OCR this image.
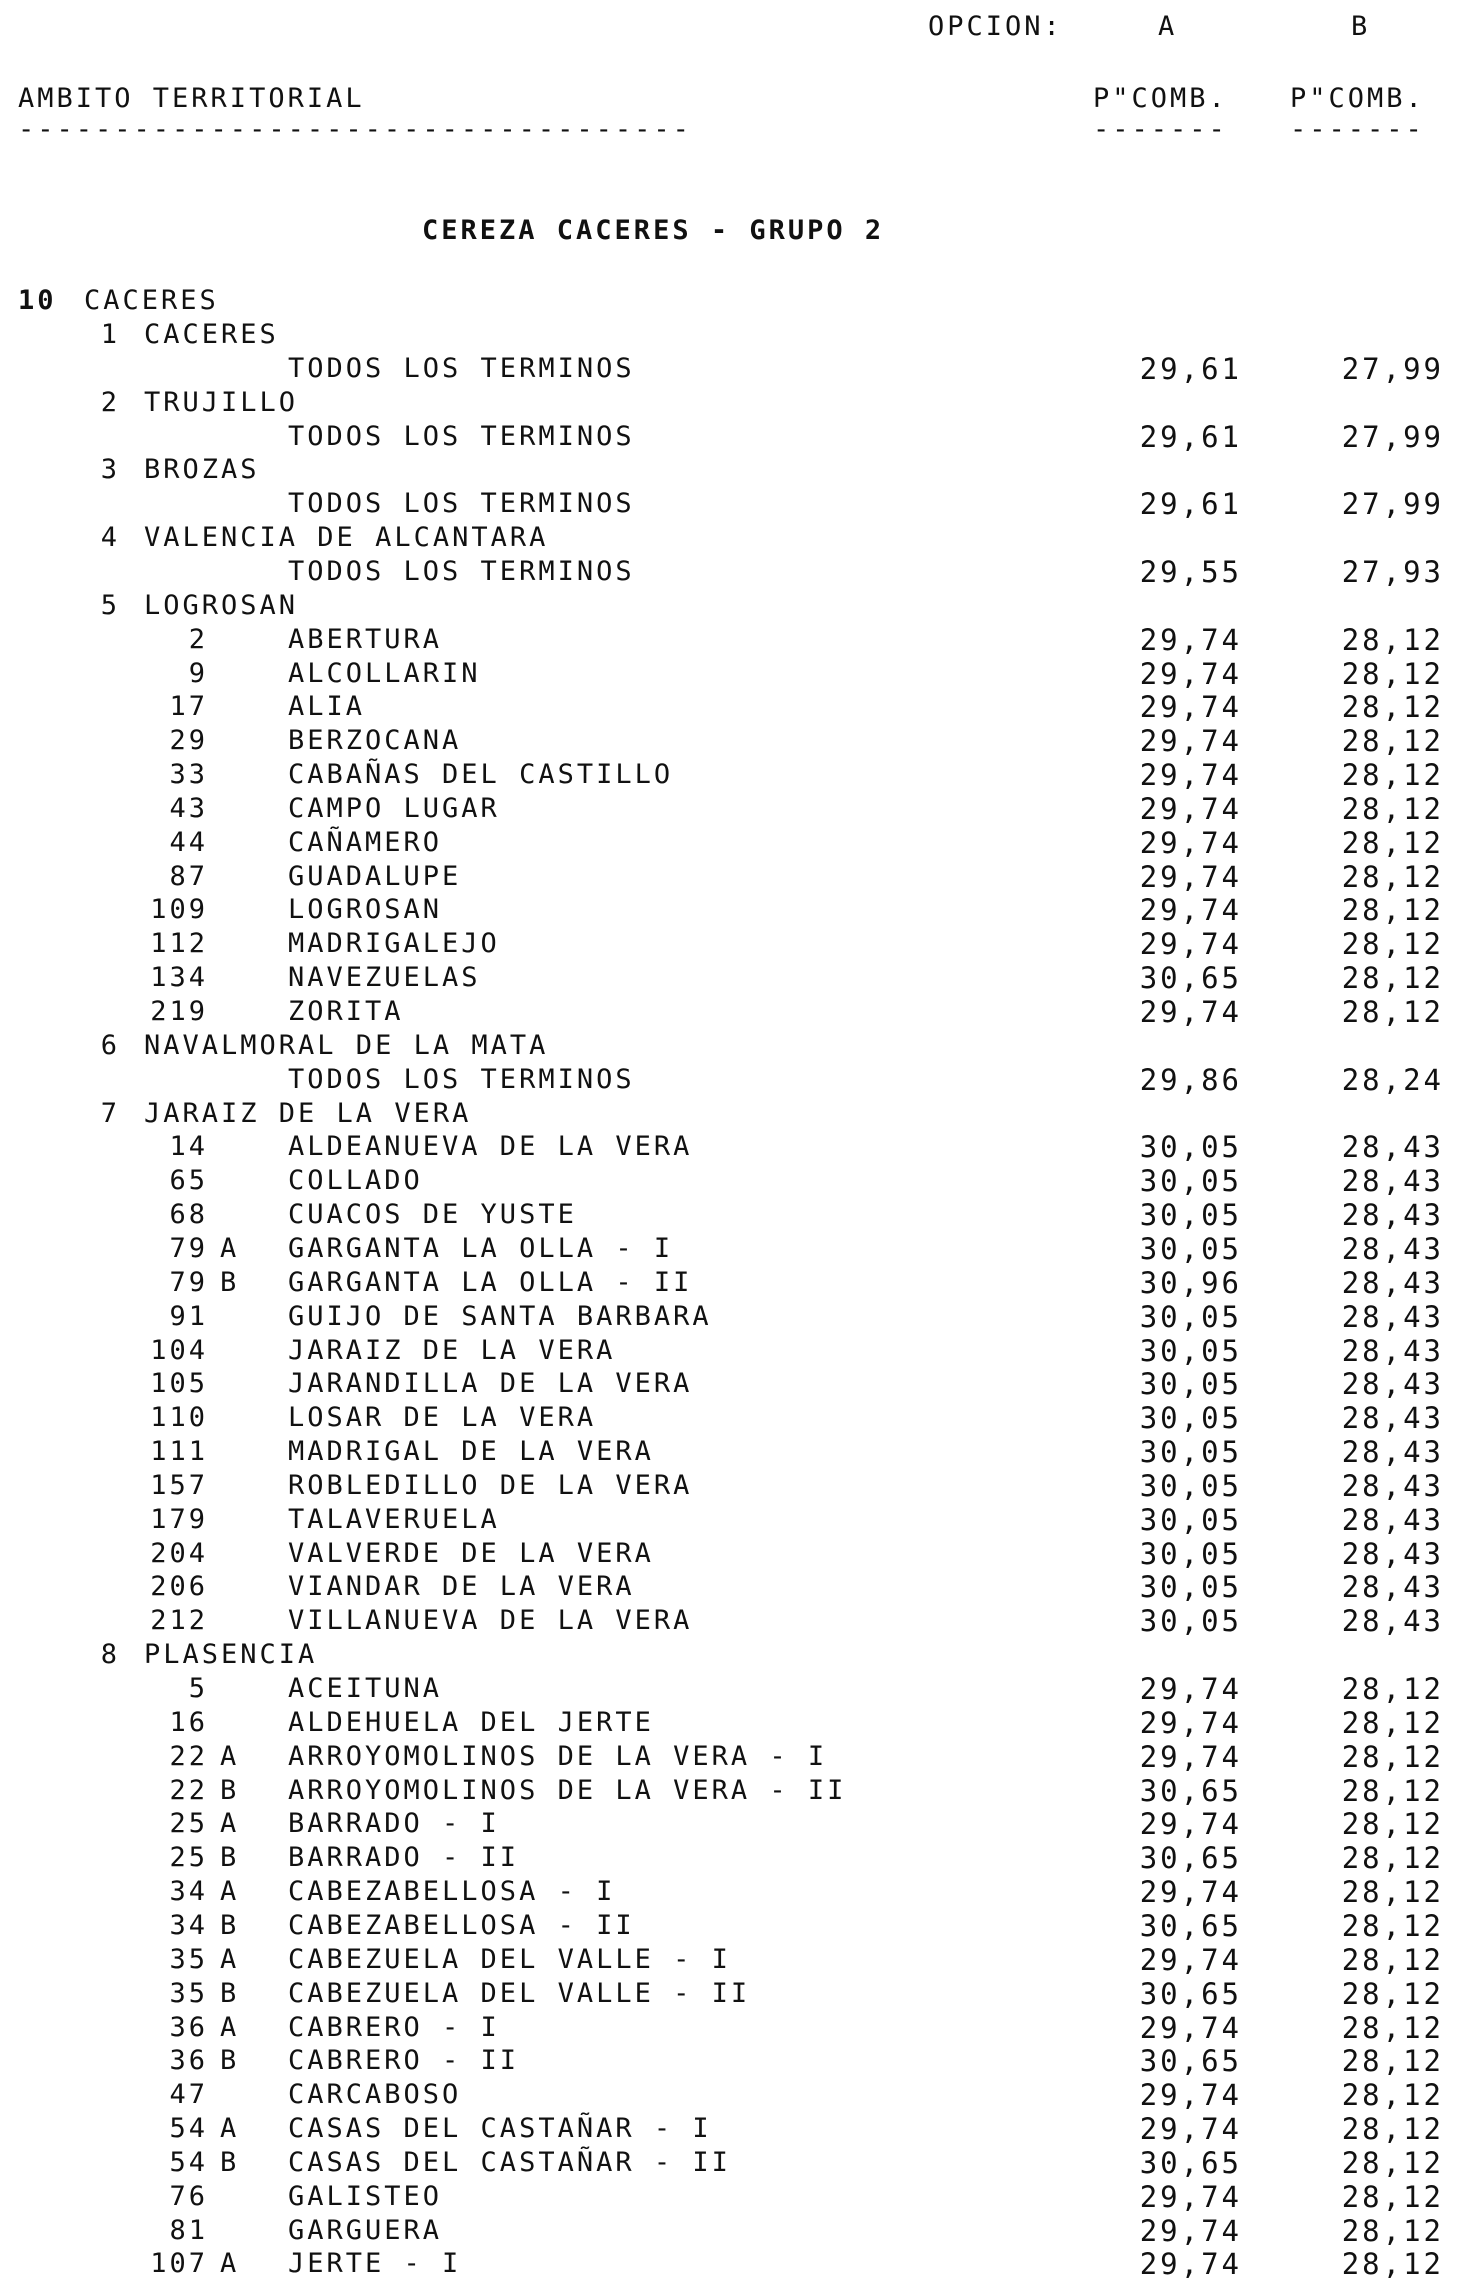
OPCION:	A	B
AMBITO TERRITORIAL	P"COMB. P"COMB.
-----------------------------------	-------	-------
CEREZA CACERES - GRUPO 2
10 CACERES
1 CACERES
TODOS LOS TERMINOS	29,61	27,99
2 TRUJILLO
TODOS LOS TERMINOS	29,61	27,99
3 BROZAS
TODOS LOS TERMINOS	29,61	27,99
4 VALENCIA DE ALCANTARA
TODOS LOS TERMINOS	29,55	27,93
5 LOGROSAN
2	ABERTURA	29,74	28,12
9	ALCOLLARIN	29,74	28,12
17	ALIA	29,74	28,12
29	BERZOCANA	29,74	28,12
33	CABAÑAS DEL CASTILLO	29,74	28,12
43	CAMPO LUGAR	29,74	28,12
44	CAÑAMERO	29,74	28,12
87	GUADALUPE	29,74	28,12
109	LOGROSAN	29,74	28,12
112	MADRIGALEJO	29,74	28,12
134	NAVEZUELAS	30,65	28,12
219	ZORITA	29,74	28,12
6 NAVALMORAL DE LA MATA
TODOS LOS TERMINOS	29,86	28,24
7 JARAIZ DE LA VERA
14	ALDEANUEVA DE LA VERA	30,05	28,43
65	COLLADO	30,05	28,43
68	CUACOS DE YUSTE	30,05	28,43
79 A GARGANTA LA OLLA - I	30,05	28,43
79 B GARGANTA LA OLLA - II	30,96	28,43
91	GUIJO DE SANTA BARBARA	30,05	28,43
104	JARAIZ DE LA VERA	30,05	28,43
105	JARANDILLA DE LA VERA	30,05	28,43
110	LOSAR DE LA VERA	30,05	28,43
111	MADRIGAL DE LA VERA	30,05	28,43
157	ROBLEDILLO DE LA VERA	30,05	28,43
179	TALAVERUELA	30,05	28,43
204	VALVERDE DE LA VERA	30,05	28,43
206	VIANDAR DE LA VERA	30,05	28,43
212	VILLANUEVA DE LA VERA	30,05	28,43
8 PLASENCIA
5	ACEITUNA	29,74	28,12
16	ALDEHUELA DEL JERTE	29,74	28,12
22 A ARROYOMOLINOS DE LA VERA - I	29,74	28,12
22 B ARROYOMOLINOS DE LA VERA - II	30,65	28,12
25 A BARRADO - I	29,74	28,12
25 B BARRADO - II	30,65	28,12
34 A CABEZABELLOSA - I	29,74	28,12
34 B CABEZABELLOSA - II	30,65	28,12
35 A CABEZUELA DEL VALLE - I	29,74	28,12
35 B CABEZUELA DEL VALLE - II	30,65	28,12
36 A CABRERO - I	29,74	28,12
36 B CABRERO - II	30,65	28,12
47	CARCABOSO	29,74	28,12
54 A CASAS DEL CASTAÑAR - I	29,74	28,12
54 B CASAS DEL CASTAÑAR - II	30,65	28,12
76	GALISTEO	29,74	28,12
81	GARGUERA	29,74	28,12
107 A JERTE - I	29,74	28,12
